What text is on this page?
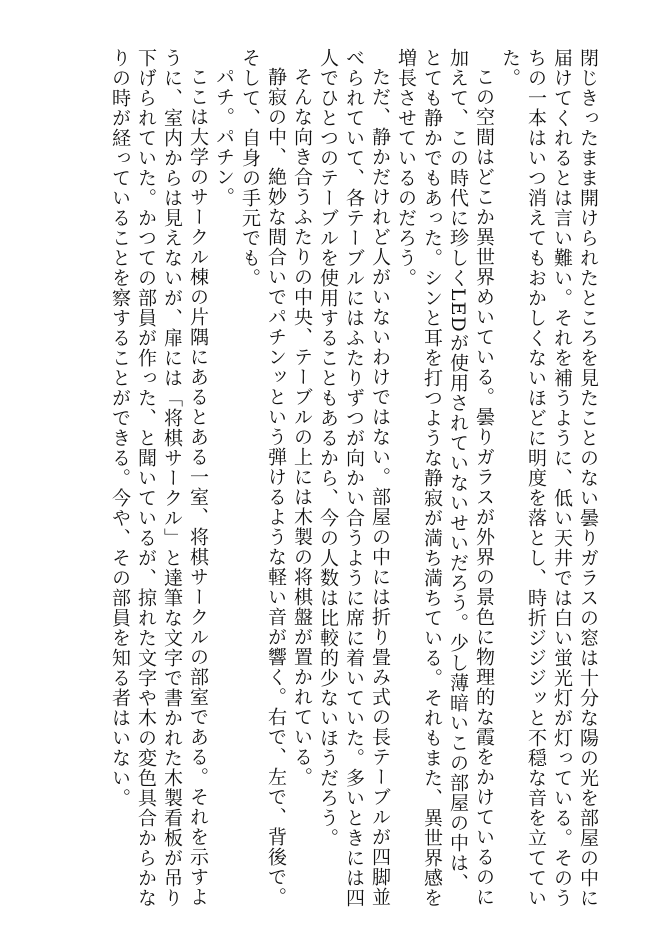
閉じきったまま開けられたところを見たことのない曇りガラスの窓は十分な陽の光を部屋の中に届けてくれるとは言い難い。それを補うように、低い天井では白い蛍光灯が灯っている。そのうちの一本はいつ消えてもおかしくないほどに明度を落とし、時折ジジジッと不穏な音を立てていた。

この空間はどこか異世界めいている。曇りガラスが外界の景色に物理的な霞をかけているのに加えて、この時代に珍しくLEDが使用されていないせいだろう。少し薄暗いこの部屋の中は、とても静かでもあった。シンと耳を打つような静寂が満ち満ちている。それもまた、異世界感を増長させているのだろう。

ただ、静かだけれど人がいないわけではない。部屋の中には折り畳み式の長テーブルが四脚並べられていて、各テーブルにはふたりずつが向かい合うように席に着いていた。多いときには四人でひとつのテーブルを使用することもあるから、今の人数は比較的少ないほうだろう。

そんな向き合うふたりの中央、テーブルの上には木製の将棋盤が置かれている。

静寂の中、絶妙な間合いでパチンッという弾けるような軽い音が響く。右で、左で、背後で。そして、自身の手元でも。

パチ。パチン。

ここは大学のサークル棟の片隅にあるとある一室、将棋サークルの部室である。それを示すように、室内からは見えないが、扉には「将棋サークル」と達筆な文字で書かれた木製看板が吊り下げられていた。かつての部員が作った、と聞いているが、掠れた文字や木の変色具合からかなりの時が経っていることを察することができる。今や、その部員を知る者はいない。
